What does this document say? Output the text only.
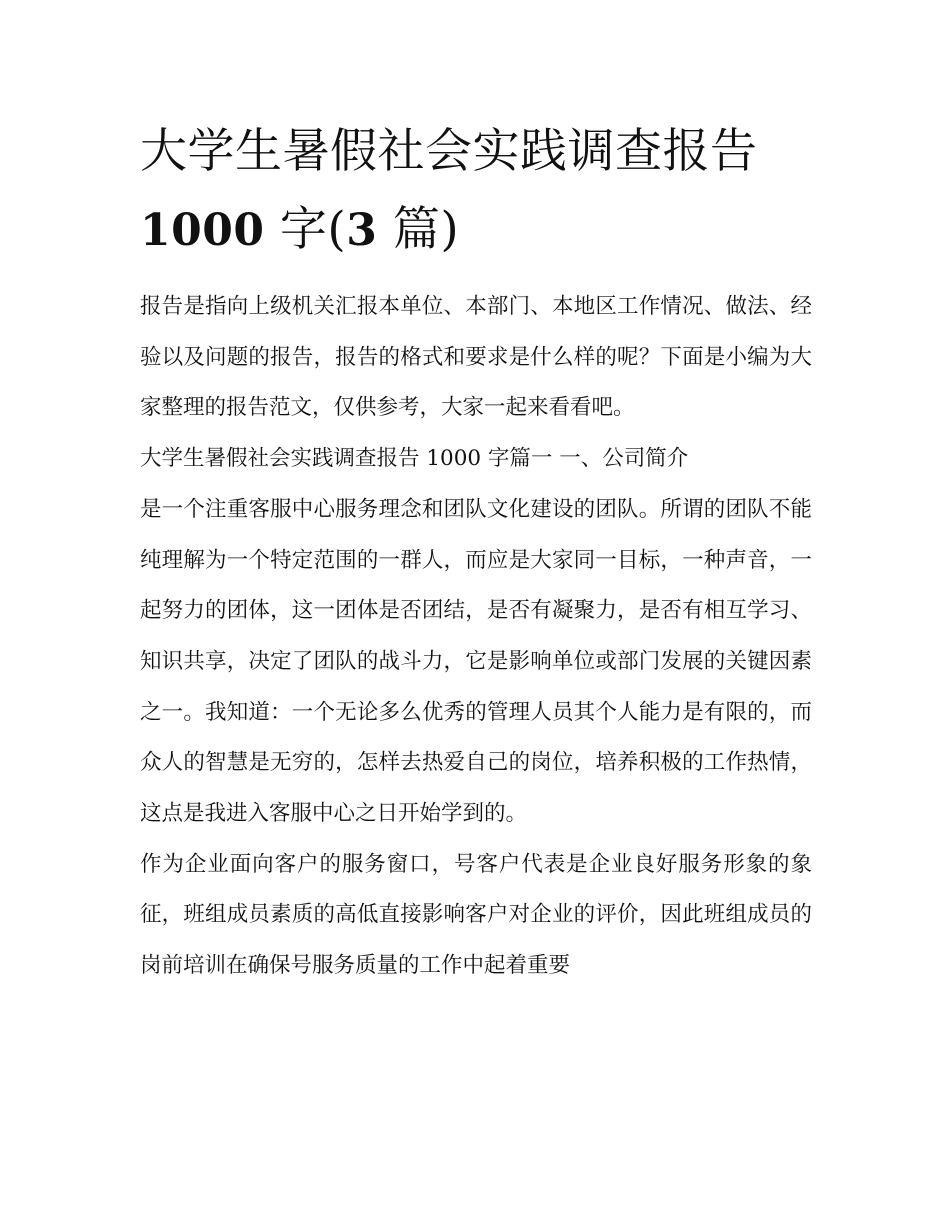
大学生暑假社会实践调查报告
1000 字(3 篇)

报告是指向上级机关汇报本单位、本部门、本地区工作情况、做法、经验以及问题的报告，报告的格式和要求是什么样的呢？下面是小编为大家整理的报告范文，仅供参考，大家一起来看看吧。

大学生暑假社会实践调查报告 1000 字篇一 一、公司简介

是一个注重客服中心服务理念和团队文化建设的团队。所谓的团队不能纯理解为一个特定范围的一群人，而应是大家同一目标，一种声音，一起努力的团体，这一团体是否团结，是否有凝聚力，是否有相互学习、知识共享，决定了团队的战斗力，它是影响单位或部门发展的关键因素之一。我知道：一个无论多么优秀的管理人员其个人能力是有限的，而众人的智慧是无穷的，怎样去热爱自己的岗位，培养积极的工作热情，这点是我进入客服中心之日开始学到的。

作为企业面向客户的服务窗口，号客户代表是企业良好服务形象的象征，班组成员素质的高低直接影响客户对企业的评价，因此班组成员的岗前培训在确保号服务质量的工作中起着重要
